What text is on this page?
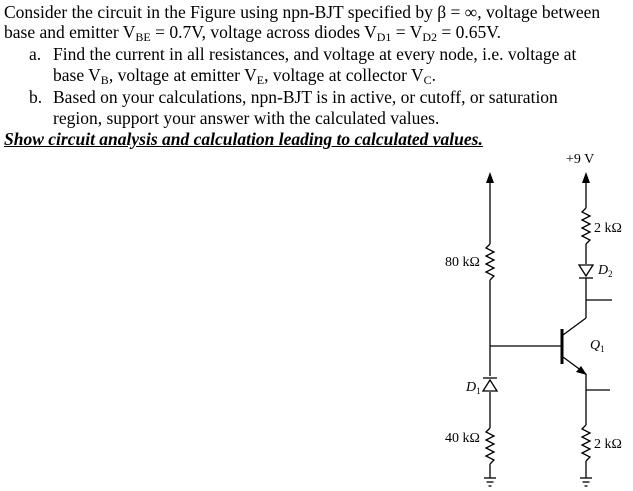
Consider the circuit in the Figure using npn-BJT specified by β = ∞, voltage between
base and emitter $V_{BE} = 0.7V$, voltage across diodes $V_{D1} = V_{D2} = 0.65V$.
a. Find the current in all resistances, and voltage at every node, i.e. voltage at
base $V_B$, voltage at emitter $V_E$, voltage at collector $V_C$.
b. Based on your calculations, npn-BJT is in active, or cutoff, or saturation
region, support your answer with the calculated values.
Show circuit analysis and calculation leading to calculated values.
+9 V
2 kΩ
2 kΩ
80 kΩ
40 kΩ
$D_1$
$D_2$
$Q_1$
